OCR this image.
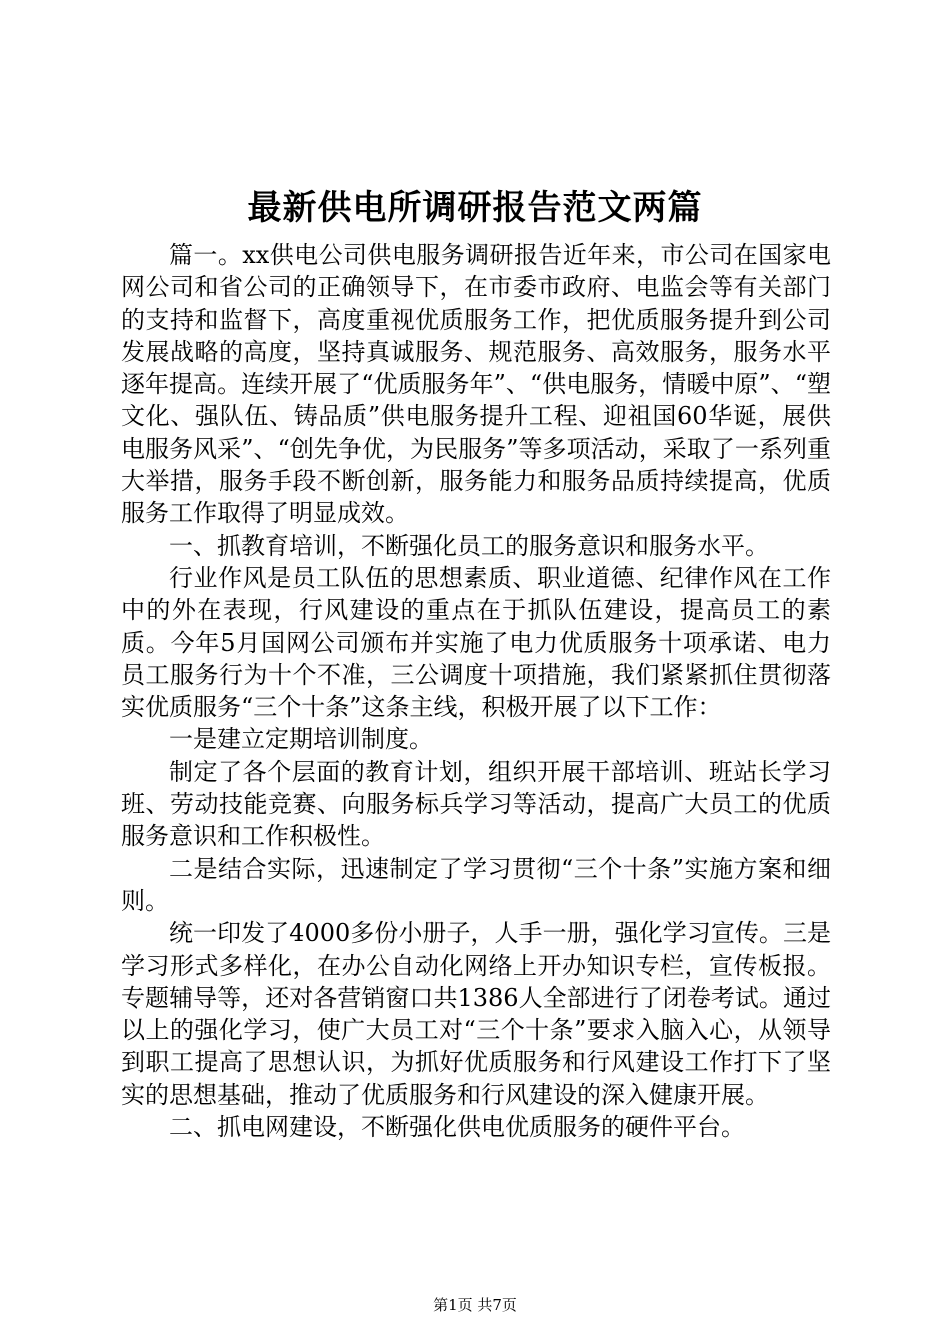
最新供电所调研报告范文两篇

篇一。xx供电公司供电服务调研报告近年来，市公司在国家电网公司和省公司的正确领导下，在市委市政府、电监会等有关部门的支持和监督下，高度重视优质服务工作，把优质服务提升到公司发展战略的高度，坚持真诚服务、规范服务、高效服务，服务水平逐年提高。连续开展了“优质服务年”、“供电服务，情暖中原”、“塑文化、强队伍、铸品质”供电服务提升工程、迎祖国60华诞，展供电服务风采”、“创先争优，为民服务”等多项活动，采取了一系列重大举措，服务手段不断创新，服务能力和服务品质持续提高，优质服务工作取得了明显成效。

一、抓教育培训，不断强化员工的服务意识和服务水平。

行业作风是员工队伍的思想素质、职业道德、纪律作风在工作中的外在表现，行风建设的重点在于抓队伍建设，提高员工的素质。今年5月国网公司颁布并实施了电力优质服务十项承诺、电力员工服务行为十个不准，三公调度十项措施，我们紧紧抓住贯彻落实优质服务“三个十条”这条主线，积极开展了以下工作：

一是建立定期培训制度。

制定了各个层面的教育计划，组织开展干部培训、班站长学习班、劳动技能竞赛、向服务标兵学习等活动，提高广大员工的优质服务意识和工作积极性。

二是结合实际，迅速制定了学习贯彻“三个十条”实施方案和细则。

统一印发了4000多份小册子，人手一册，强化学习宣传。三是学习形式多样化，在办公自动化网络上开办知识专栏，宣传板报。专题辅导等，还对各营销窗口共1386人全部进行了闭卷考试。通过以上的强化学习，使广大员工对“三个十条”要求入脑入心，从领导到职工提高了思想认识，为抓好优质服务和行风建设工作打下了坚实的思想基础，推动了优质服务和行风建设的深入健康开展。

二、抓电网建设，不断强化供电优质服务的硬件平台。

第1页 共7页
